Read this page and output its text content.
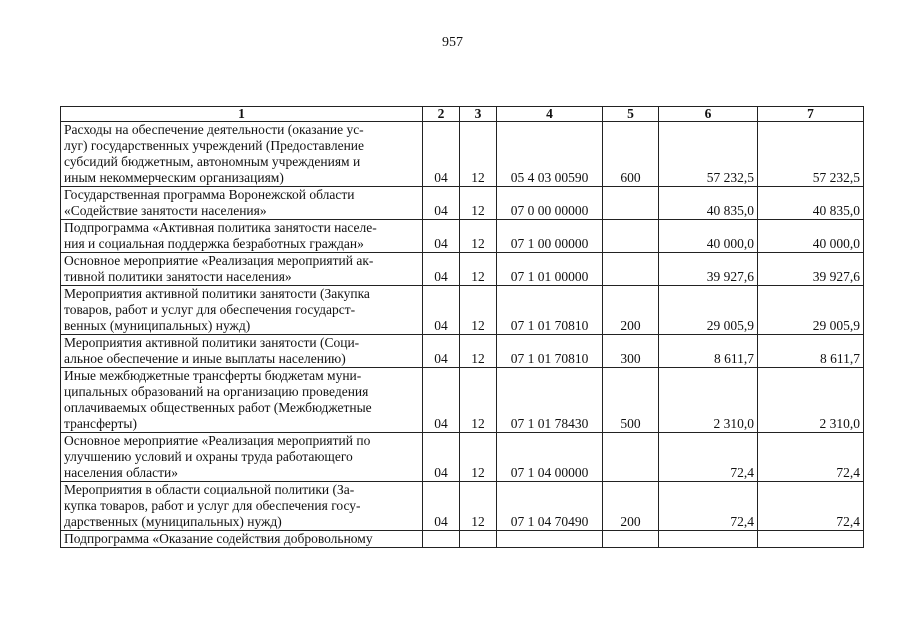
957
1	2	3	4	5	6	7
Расходы на обеспечение деятельности (оказание ус-
луг) государственных учреждений (Предоставление
субсидий бюджетным, автономным учреждениям и
иным некоммерческим организациям)	04	12	05 4 03 00590	600	57 232,5	57 232,5
Государственная программа Воронежской области
«Содействие занятости населения»	04	12	07 0 00 00000		40 835,0	40 835,0
Подпрограмма «Активная политика занятости населе-
ния и социальная поддержка безработных граждан»	04	12	07 1 00 00000		40 000,0	40 000,0
Основное мероприятие «Реализация мероприятий ак-
тивной политики занятости населения»	04	12	07 1 01 00000		39 927,6	39 927,6
Мероприятия активной политики занятости (Закупка
товаров, работ и услуг для обеспечения государст-
венных (муниципальных) нужд)	04	12	07 1 01 70810	200	29 005,9	29 005,9
Мероприятия активной политики занятости (Соци-
альное обеспечение и иные выплаты населению)	04	12	07 1 01 70810	300	8 611,7	8 611,7
Иные межбюджетные трансферты бюджетам муни-
ципальных образований на организацию проведения
оплачиваемых общественных работ (Межбюджетные
трансферты)	04	12	07 1 01 78430	500	2 310,0	2 310,0
Основное мероприятие «Реализация мероприятий по
улучшению условий и охраны труда работающего
населения области»	04	12	07 1 04 00000		72,4	72,4
Мероприятия в области социальной политики (За-
купка товаров, работ и услуг для обеспечения госу-
дарственных (муниципальных) нужд)	04	12	07 1 04 70490	200	72,4	72,4
Подпрограмма «Оказание содействия добровольному						
